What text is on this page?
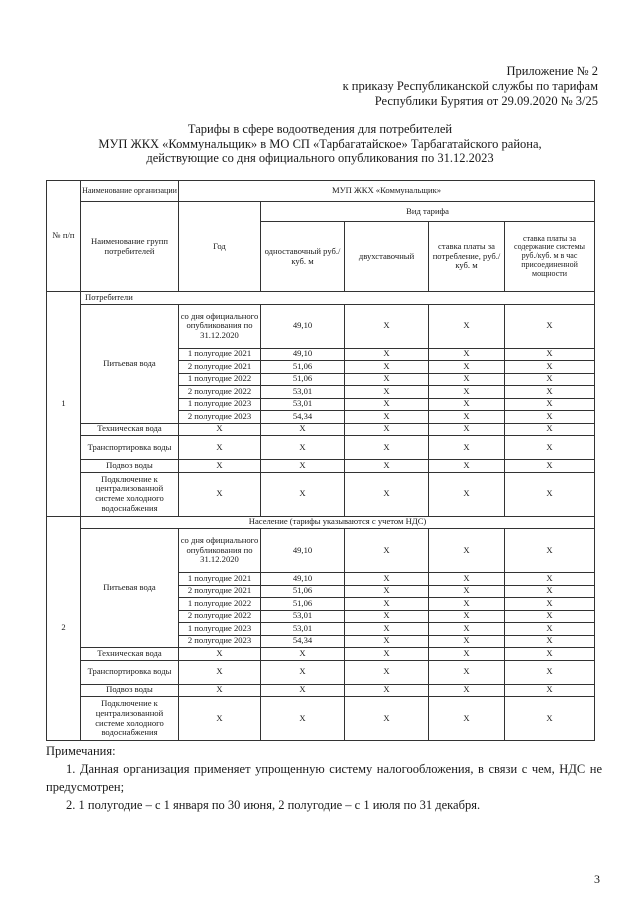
Приложение № 2
к приказу Республиканской службы по тарифам
Республики Бурятия от 29.09.2020 № 3/25
Тарифы в сфере водоотведения для потребителей
МУП ЖКХ «Коммунальщик» в МО СП «Тарбагатайское» Тарбагатайского района,
действующие со дня официального опубликования по 31.12.2023
№ п/п	Наименование организации	МУП ЖКХ «Коммунальщик»				
	Наименование групп потребителей	Год	Вид тарифа			
			одноставочный руб./ куб. м	двухставочный	ставка платы за потребление, руб./ куб. м	ставка платы за содержание системы руб./куб. м в час присоединенной мощности
1	Потребители					
	Питьевая вода	со дня официального опубликования по 31.12.2020	49,10	X	X	X
		1 полугодие 2021	49,10	X	X	X
		2 полугодие 2021	51,06	X	X	X
		1 полугодие 2022	51,06	X	X	X
		2 полугодие 2022	53,01	X	X	X
		1 полугодие 2023	53,01	X	X	X
		2 полугодие 2023	54,34	X	X	X
	Техническая вода	X	X	X	X	X
	Транспортировка воды	X	X	X	X	X
	Подвоз воды	X	X	X	X	X
	Подключение к централизованной системе холодного водоснабжения	X	X	X	X	X
2	Население (тарифы указываются с учетом НДС)					
	Питьевая вода	со дня официального опубликования по 31.12.2020	49,10	X	X	X
		1 полугодие 2021	49,10	X	X	X
		2 полугодие 2021	51,06	X	X	X
		1 полугодие 2022	51,06	X	X	X
		2 полугодие 2022	53,01	X	X	X
		1 полугодие 2023	53,01	X	X	X
		2 полугодие 2023	54,34	X	X	X
	Техническая вода	X	X	X	X	X
	Транспортировка воды	X	X	X	X	X
	Подвоз воды	X	X	X	X	X
	Подключение к централизованной системе холодного водоснабжения	X	X	X	X	X

Примечания:

1. Данная организация применяет упрощенную систему налогообложения, в связи с чем, НДС не предусмотрен;

2. 1 полугодие – с 1 января по 30 июня, 2 полугодие – с 1 июля по 31 декабря.

3
